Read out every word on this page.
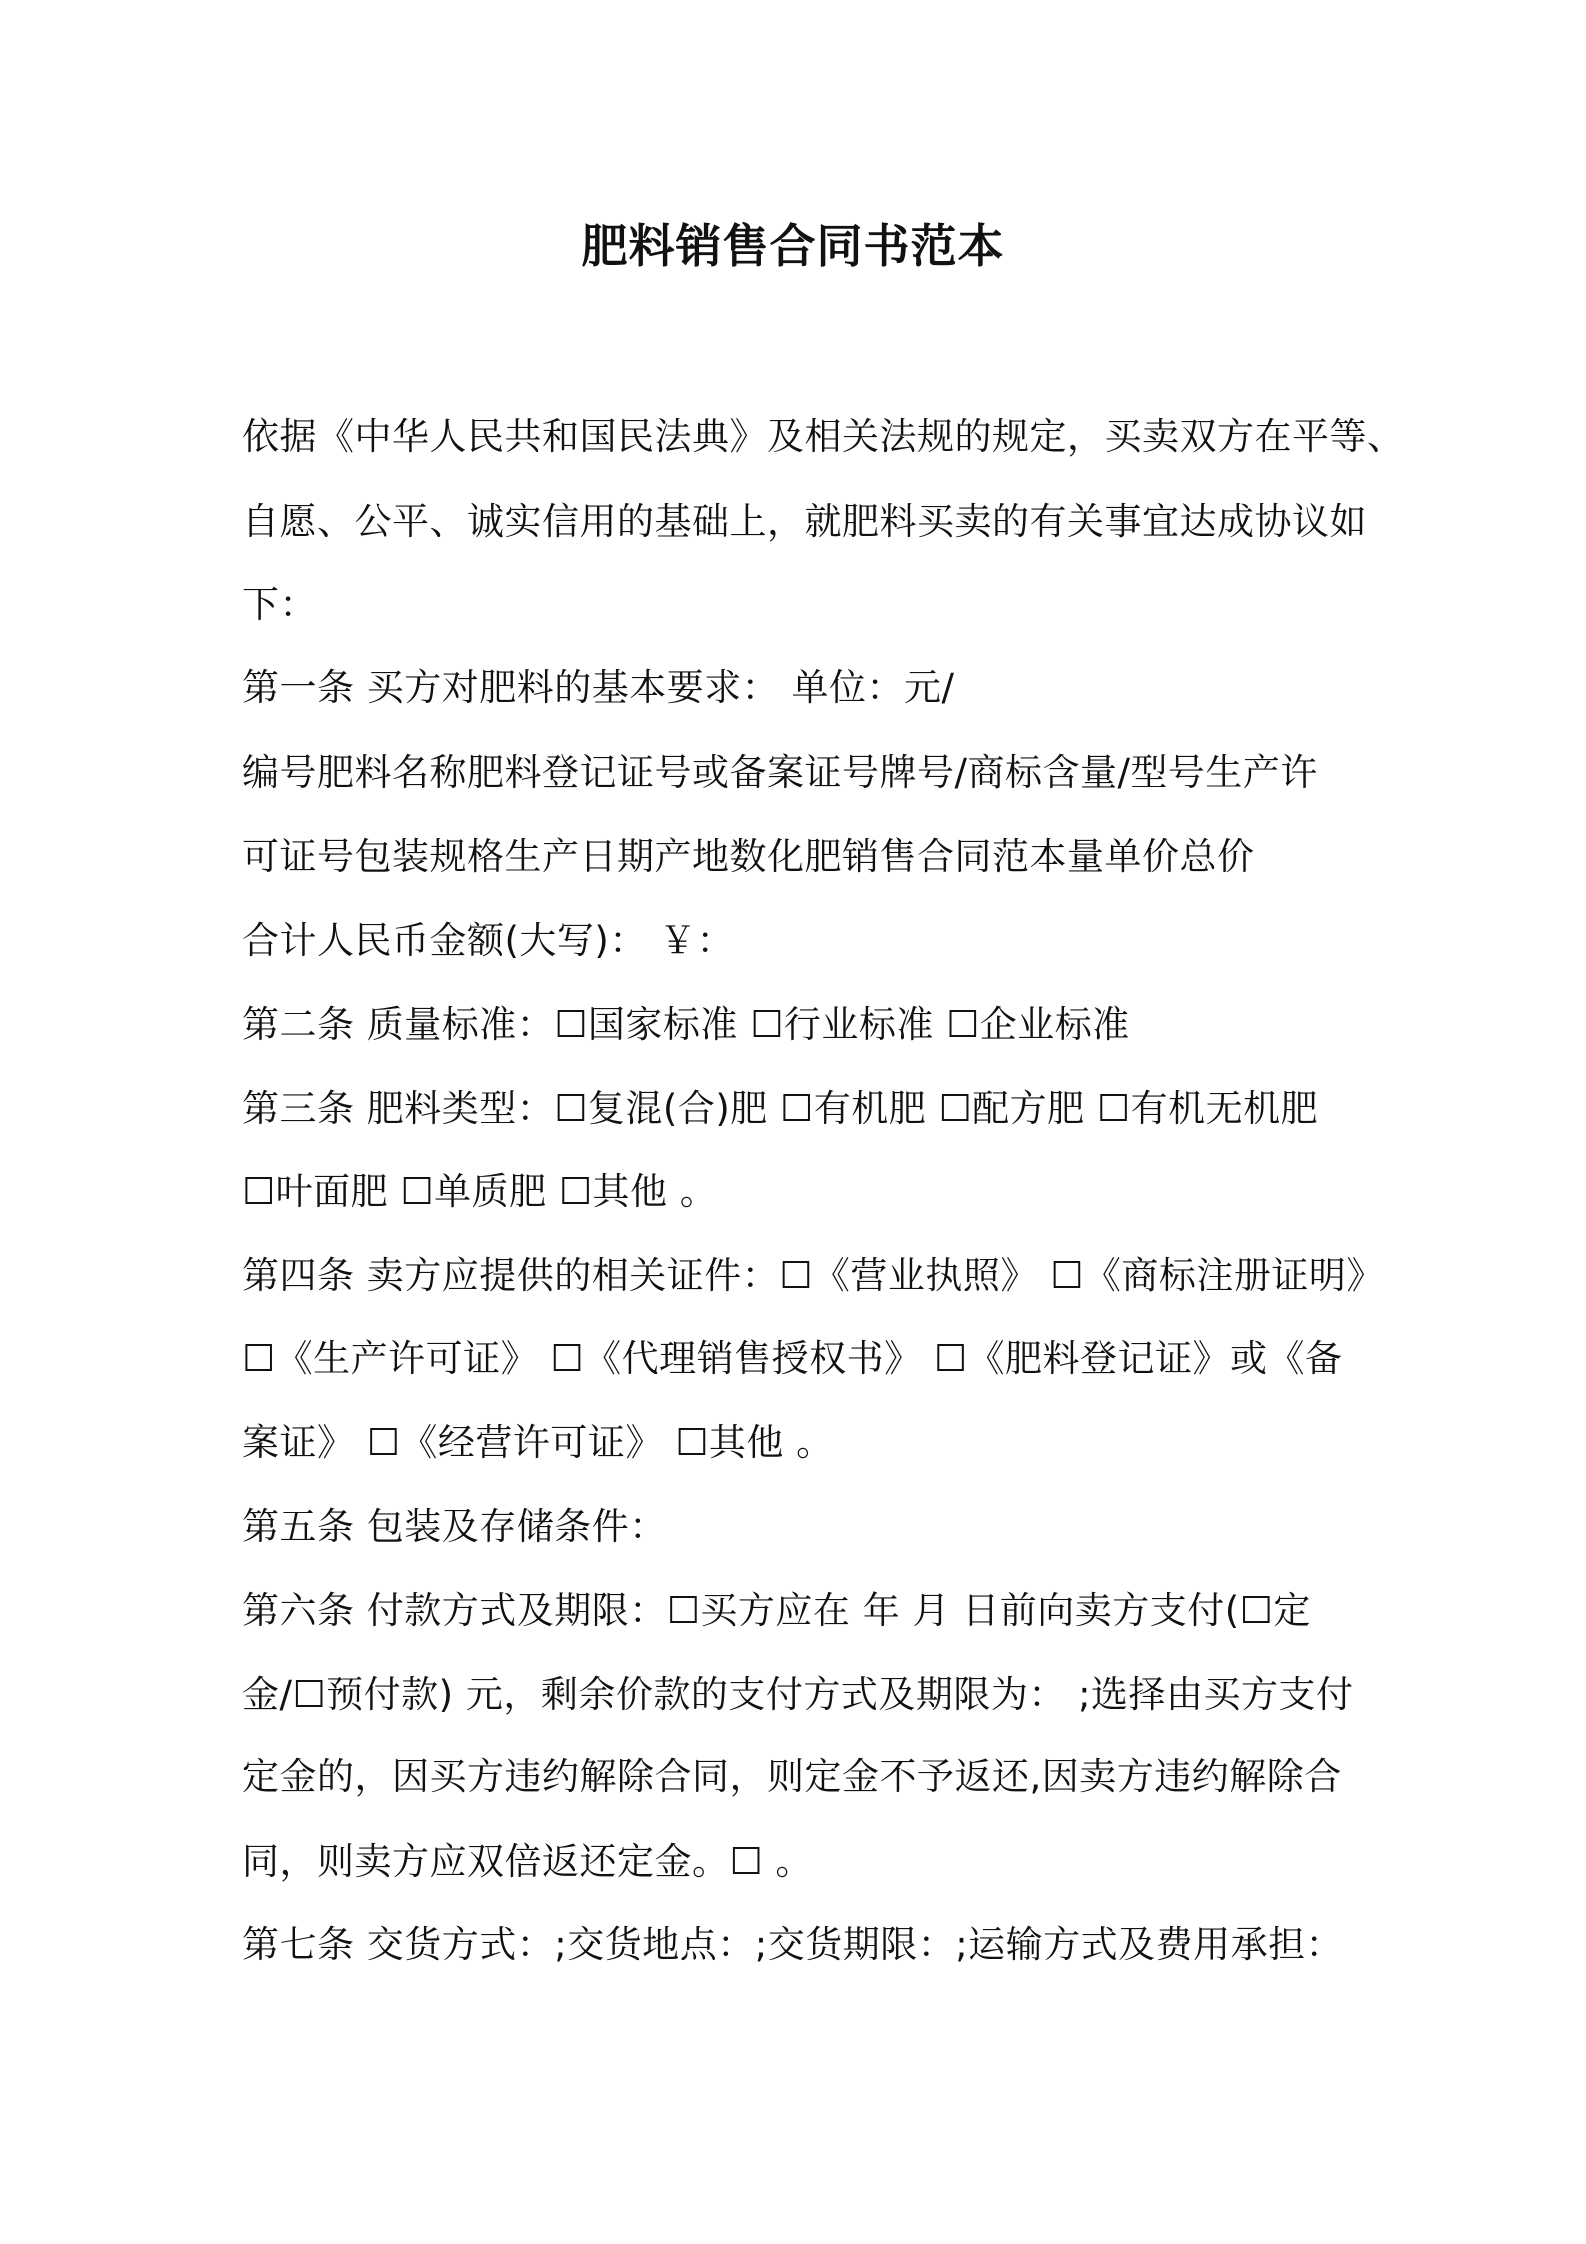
肥料销售合同书范本
依据《中华人民共和国民法典》及相关法规的规定，买卖双方在平等、
自愿、公平、诚实信用的基础上，就肥料买卖的有关事宜达成协议如
下：
第一条 买方对肥料的基本要求： 单位：元/
编号肥料名称肥料登记证号或备案证号牌号/商标含量/型号生产许
可证号包装规格生产日期产地数化肥销售合同范本量单价总价
合计人民币金额(大写)： ￥：
第二条 质量标准：☐国家标准 ☐行业标准 ☐企业标准
第三条 肥料类型：☐复混(合)肥 ☐有机肥 ☐配方肥 ☐有机无机肥
☐叶面肥 ☐单质肥 ☐其他 。
第四条 卖方应提供的相关证件：☐《营业执照》 ☐《商标注册证明》
☐《生产许可证》 ☐《代理销售授权书》 ☐《肥料登记证》或《备
案证》 ☐《经营许可证》 ☐其他 。
第五条 包装及存储条件：
第六条 付款方式及期限：☐买方应在 年 月 日前向卖方支付(☐定
金/☐预付款) 元，剩余价款的支付方式及期限为： ;选择由买方支付
定金的，因买方违约解除合同，则定金不予返还,因卖方违约解除合
同，则卖方应双倍返还定金。☐ 。
第七条 交货方式：;交货地点：;交货期限：;运输方式及费用承担：
